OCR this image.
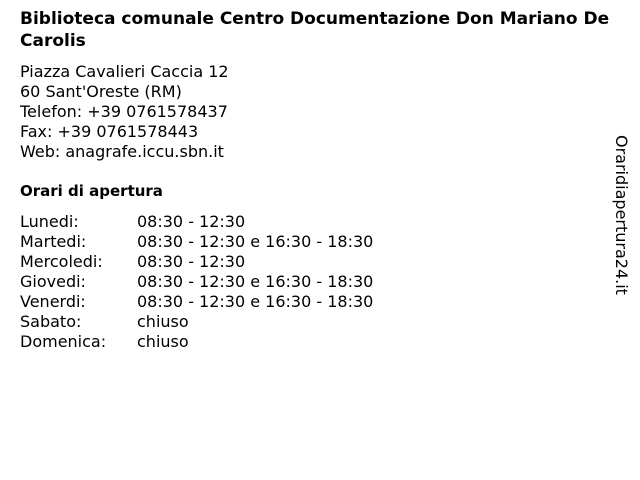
Biblioteca comunale Centro Documentazione Don Mariano De Carolis
Piazza Cavalieri Caccia 12
60 Sant'Oreste (RM)
Telefon: +39 0761578437
Fax: +39 0761578443
Web: anagrafe.iccu.sbn.it
Orari di apertura
Lunedi:	08:30 - 12:30
Martedi:	08:30 - 12:30 e 16:30 - 18:30
Mercoledi:	08:30 - 12:30
Giovedi:	08:30 - 12:30 e 16:30 - 18:30
Venerdi:	08:30 - 12:30 e 16:30 - 18:30
Sabato:	chiuso
Domenica:	chiuso
Oraridiapertura24.it
